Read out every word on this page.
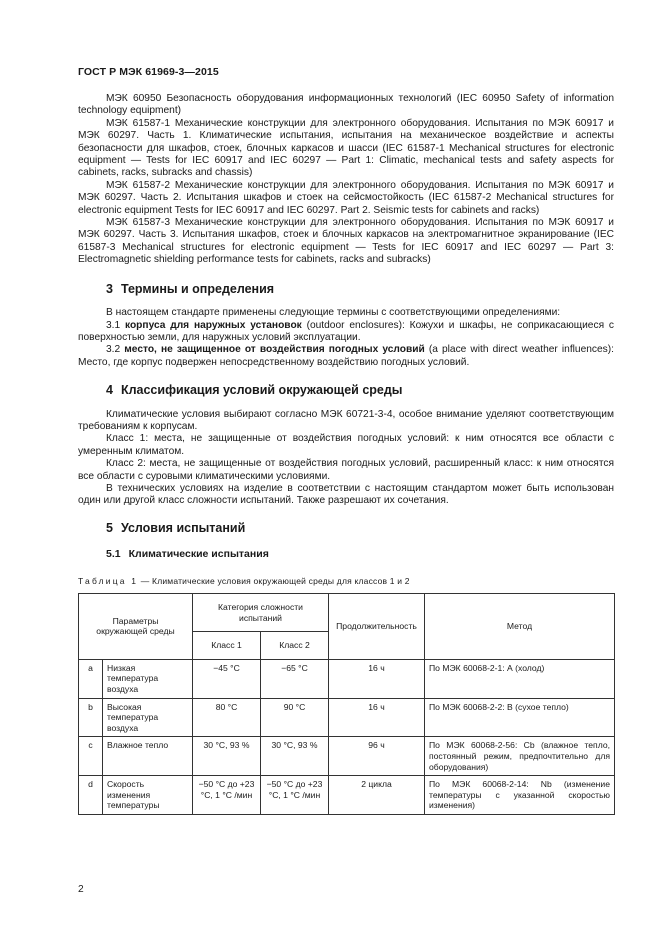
ГОСТ Р МЭК 61969-3—2015

МЭК 60950 Безопасность оборудования информационных технологий (IEC 60950 Safety of information technology equipment)

МЭК 61587-1 Механические конструкции для электронного оборудования. Испытания по МЭК 60917 и МЭК 60297. Часть 1. Климатические испытания, испытания на механическое воздействие и аспекты безопасности для шкафов, стоек, блочных каркасов и шасси (IEC 61587-1 Mechanical structures for electronic equipment — Tests for IEC 60917 and IEC 60297 — Part 1: Climatic, mechanical tests and safety aspects for cabinets, racks, subracks and chassis)

МЭК 61587-2 Механические конструкции для электронного оборудования. Испытания по МЭК 60917 и МЭК 60297. Часть 2. Испытания шкафов и стоек на сейсмостойкость (IEC 61587-2 Mechanical structures for electronic equipment Tests for IEC 60917 and IEC 60297. Part 2. Seismic tests for cabinets and racks)

МЭК 61587-3 Механические конструкции для электронного оборудования. Испытания по МЭК 60917 и МЭК 60297. Часть 3. Испытания шкафов, стоек и блочных каркасов на электромагнитное экранирование (IEC 61587-3 Mechanical structures for electronic equipment — Tests for IEC 60917 and IEC 60297 — Part 3: Electromagnetic shielding performance tests for cabinets, racks and subracks)

3 Термины и определения

В настоящем стандарте применены следующие термины с соответствующими определениями:

3.1 корпуса для наружных установок (outdoor enclosures): Кожухи и шкафы, не соприкасающиеся с поверхностью земли, для наружных условий эксплуатации.

3.2 место, не защищенное от воздействия погодных условий (a place with direct weather influences): Место, где корпус подвержен непосредственному воздействию погодных условий.

4 Классификация условий окружающей среды

Климатические условия выбирают согласно МЭК 60721-3-4, особое внимание уделяют соответствующим требованиям к корпусам.

Класс 1: места, не защищенные от воздействия погодных условий: к ним относятся все области с умеренным климатом.

Класс 2: места, не защищенные от воздействия погодных условий, расширенный класс: к ним относятся все области с суровыми климатическими условиями.

В технических условиях на изделие в соответствии с настоящим стандартом может быть использован один или другой класс сложности испытаний. Также разрешают их сочетания.

5 Условия испытаний
5.1 Климатические испытания

Таблица 1 — Климатические условия окружающей среды для классов 1 и 2

Параметры окружающей среды		Категория сложности испытаний		Продолжительность	Метод
		Класс 1	Класс 2		
a	Низкая температура воздуха	−45 °С	−65 °С	16 ч	По МЭК 60068-2-1: А (холод)
b	Высокая температура воздуха	80 °С	90 °С	16 ч	По МЭК 60068-2-2: В (сухое тепло)
c	Влажное тепло	30 °С, 93 %	30 °С, 93 %	96 ч	По МЭК 60068-2-56: Cb (влажное тепло, постоянный режим, предпочтительно для оборудования)
d	Скорость изменения температуры	−50 °С до +23 °С, 1 °С /мин	−50 °С до +23 °С, 1 °С /мин	2 цикла	По МЭК 60068-2-14: Nb (изменение температуры с указанной скоростью изменения)
2
